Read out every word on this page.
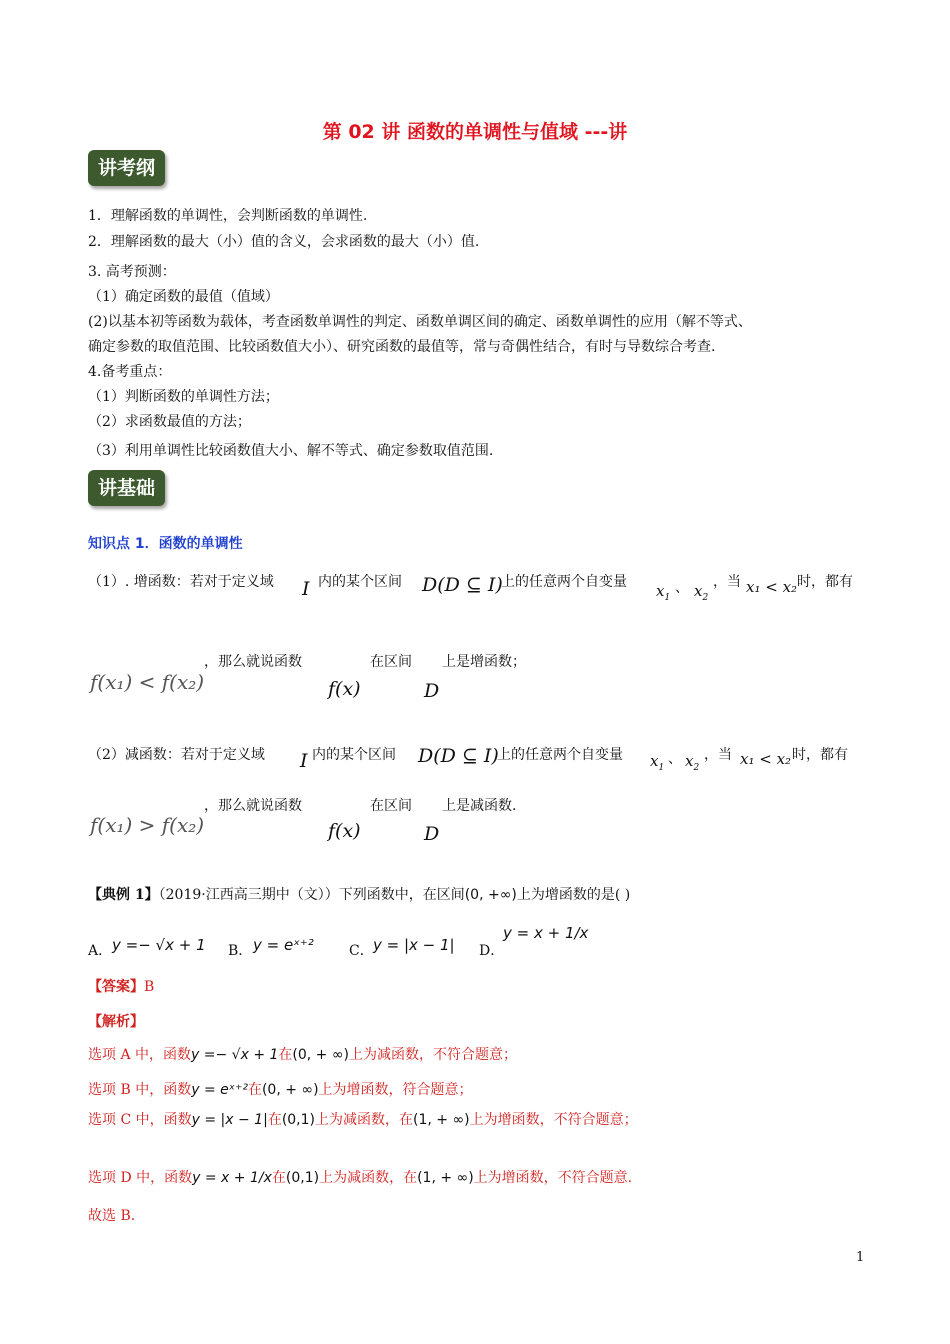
第 02 讲 函数的单调性与值域 ---讲
讲考纲
1．理解函数的单调性，会判断函数的单调性.
2．理解函数的最大（小）值的含义，会求函数的最大（小）值.
3. 高考预测：
（1）确定函数的最值（值域）
(2)以基本初等函数为载体，考查函数单调性的判定、函数单调区间的确定、函数单调性的应用（解不等式、
确定参数的取值范围、比较函数值大小）、研究函数的最值等，常与奇偶性结合，有时与导数综合考查.
4.备考重点：
（1）判断函数的单调性方法；
（2）求函数最值的方法；
（3）利用单调性比较函数值大小、解不等式、确定参数取值范围.
讲基础
知识点 1．函数的单调性
（1）. 增函数：若对于定义域 I 内的某个区间 D(D ⊆ I)
上的任意两个自变量 $x_1$
、 $x_2$
，当 x₁ < x₂ 时，都有
f(x₁) < f(x₂)
，那么就说函数
f(x)
在区间
D
上是增函数；
（2）减函数：若对于定义域 I 内的某个区间 D(D ⊆ I)
上的任意两个自变量 $x_1$
、 $x_2$
，当 x₁ < x₂ 时，都有
f(x₁) > f(x₂)
，那么就说函数
f(x)
在区间
D
上是减函数.
【典例 1】（2019·江西高三期中（文））下列函数中，在区间(0, +∞)上为增函数的是( )
A． y =− √x + 1 B． y = eˣ⁺²	C． y = |x − 1| D．
y = x + 1/x
【答案】B
【解析】
选项 A 中，函数y =− √x + 1在(0, + ∞)上为减函数，不符合题意；
选项 B 中，函数y = eˣ⁺²在(0, + ∞)上为增函数，符合题意；
选项 C 中，函数y = |x − 1|在(0,1)上为减函数，在(1, + ∞)上为增函数，不符合题意；
选项 D 中，函数y = x + 1/x在(0,1)上为减函数，在(1, + ∞)上为增函数，不符合题意.
故选 B.
1
